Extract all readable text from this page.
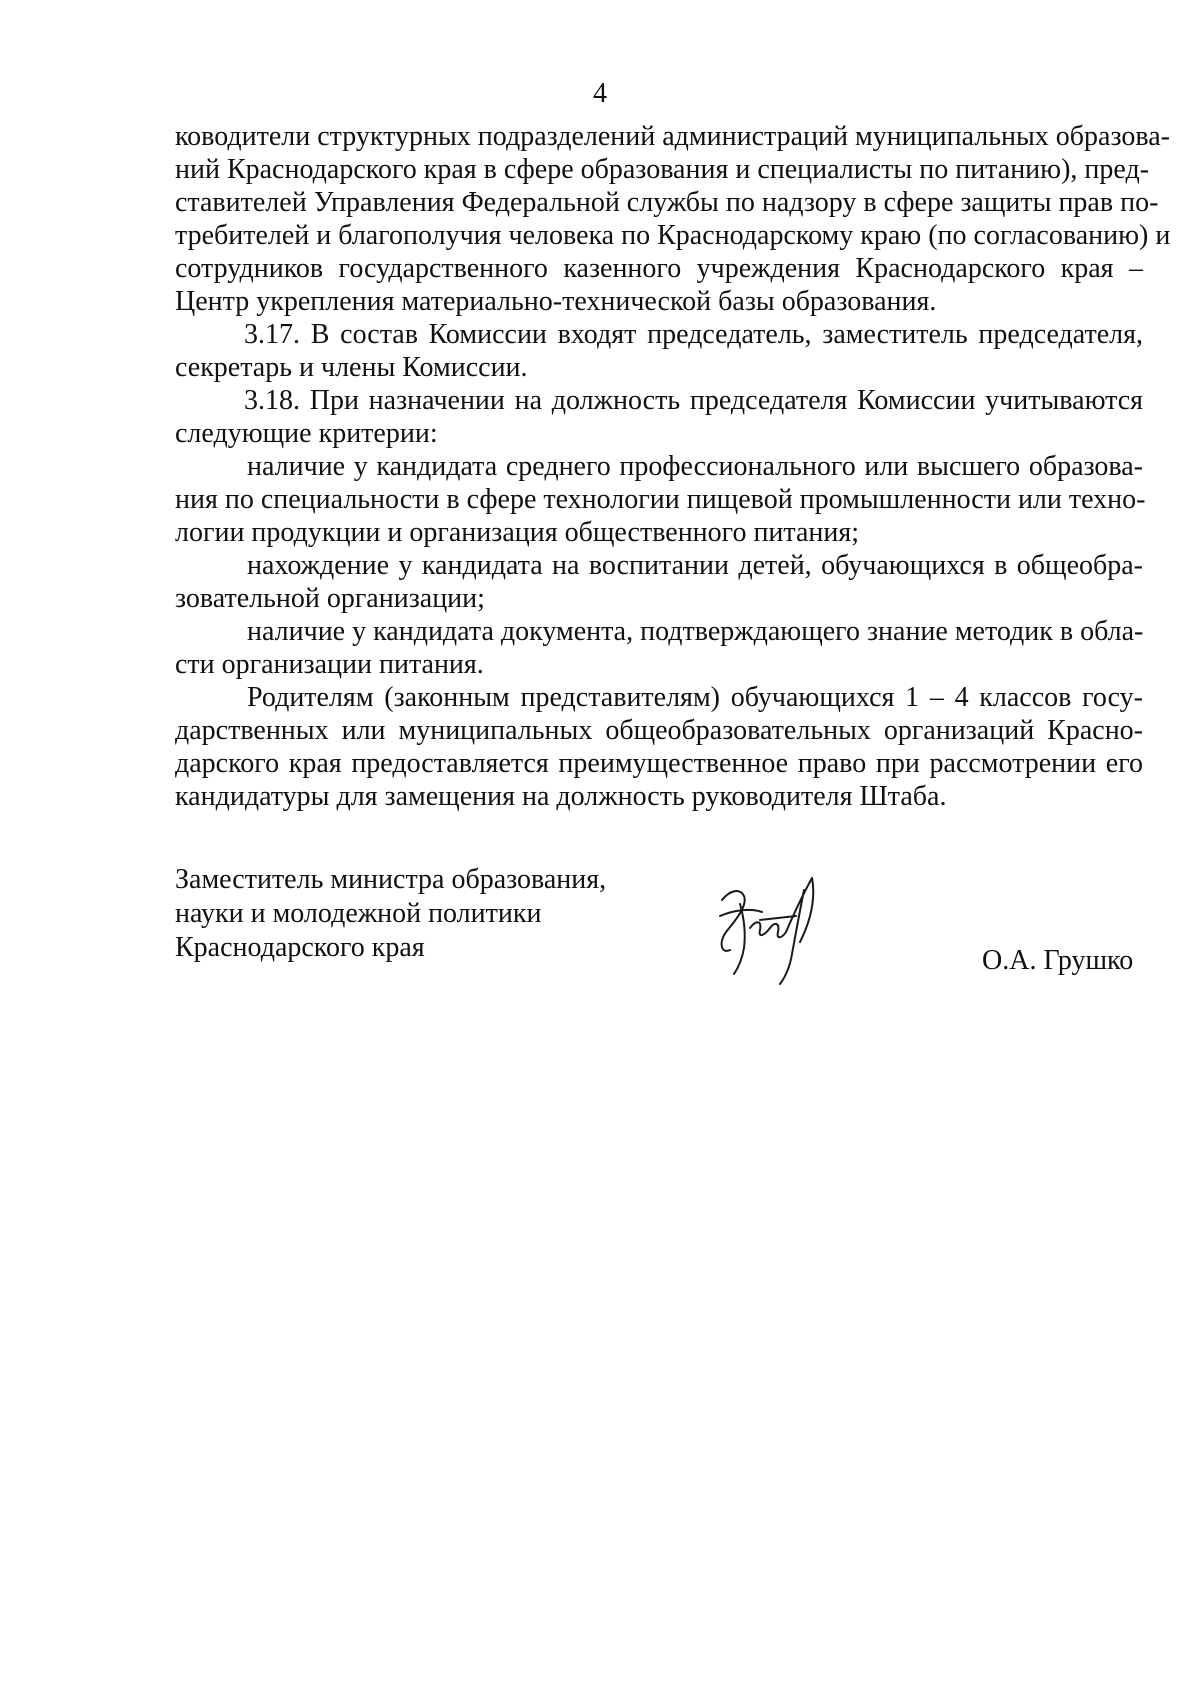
4
ководители структурных подразделений администраций муниципальных образова-
ний Краснодарского края в сфере образования и специалисты по питанию), пред-
ставителей Управления Федеральной службы по надзору в сфере защиты прав по-
требителей и благополучия человека по Краснодарскому краю (по согласованию) и
сотрудников государственного казенного учреждения Краснодарского края –
Центр укрепления материально-технической базы образования.
3.17. В состав Комиссии входят председатель, заместитель председателя,
секретарь и члены Комиссии.
3.18. При назначении на должность председателя Комиссии учитываются
следующие критерии:
наличие у кандидата среднего профессионального или высшего образова-
ния по специальности в сфере технологии пищевой промышленности или техно-
логии продукции и организация общественного питания;
нахождение у кандидата на воспитании детей, обучающихся в общеобра-
зовательной организации;
наличие у кандидата документа, подтверждающего знание методик в обла-
сти организации питания.
Родителям (законным представителям) обучающихся 1 – 4 классов госу-
дарственных или муниципальных общеобразовательных организаций Красно-
дарского края предоставляется преимущественное право при рассмотрении его
кандидатуры для замещения на должность руководителя Штаба.
Заместитель министра образования,
науки и молодежной политики
Краснодарского края	О.А. Грушко
